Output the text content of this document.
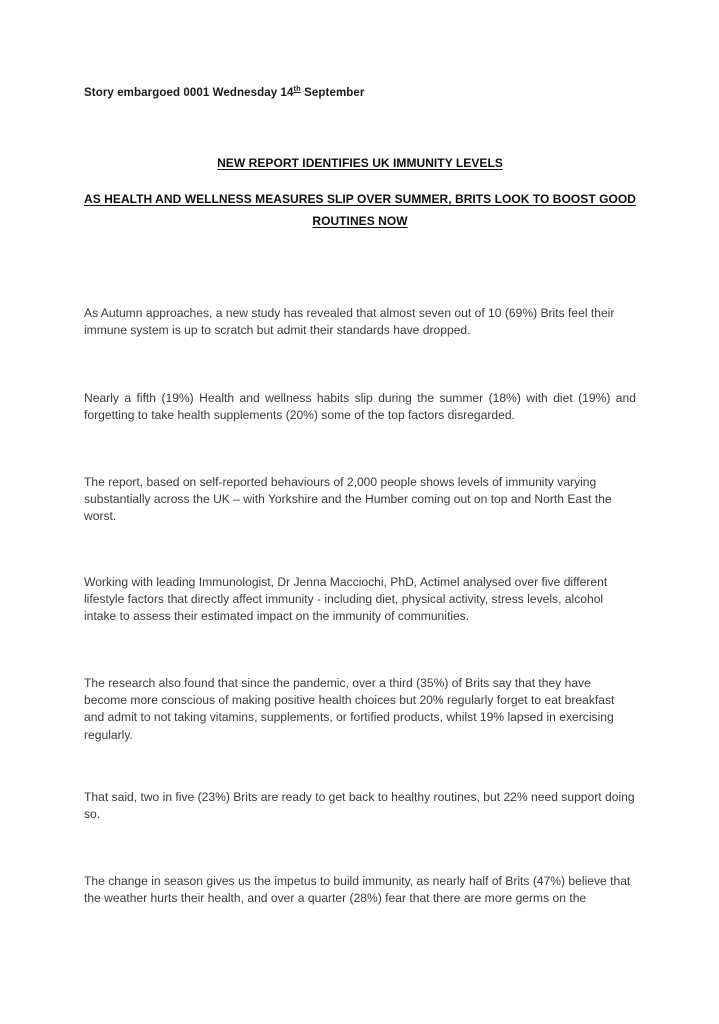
Story embargoed 0001 Wednesday 14th September
NEW REPORT IDENTIFIES UK IMMUNITY LEVELS
AS HEALTH AND WELLNESS MEASURES SLIP OVER SUMMER, BRITS LOOK TO BOOST GOOD
ROUTINES NOW

As Autumn approaches, a new study has revealed that almost seven out of 10 (69%) Brits feel their immune system is up to scratch but admit their standards have dropped.

Nearly a fifth (19%) Health and wellness habits slip during the summer (18%) with diet (19%) and forgetting to take health supplements (20%) some of the top factors disregarded.

The report, based on self-reported behaviours of 2,000 people shows levels of immunity varying substantially across the UK – with Yorkshire and the Humber coming out on top and North East the worst.

Working with leading Immunologist, Dr Jenna Macciochi, PhD, Actimel analysed over five different lifestyle factors that directly affect immunity - including diet, physical activity, stress levels, alcohol intake to assess their estimated impact on the immunity of communities.

The research also found that since the pandemic, over a third (35%) of Brits say that they have become more conscious of making positive health choices but 20% regularly forget to eat breakfast and admit to not taking vitamins, supplements, or fortified products, whilst 19% lapsed in exercising regularly.

That said, two in five (23%) Brits are ready to get back to healthy routines, but 22% need support doing so.

The change in season gives us the impetus to build immunity, as nearly half of Brits (47%) believe that the weather hurts their health, and over a quarter (28%) fear that there are more germs on the
